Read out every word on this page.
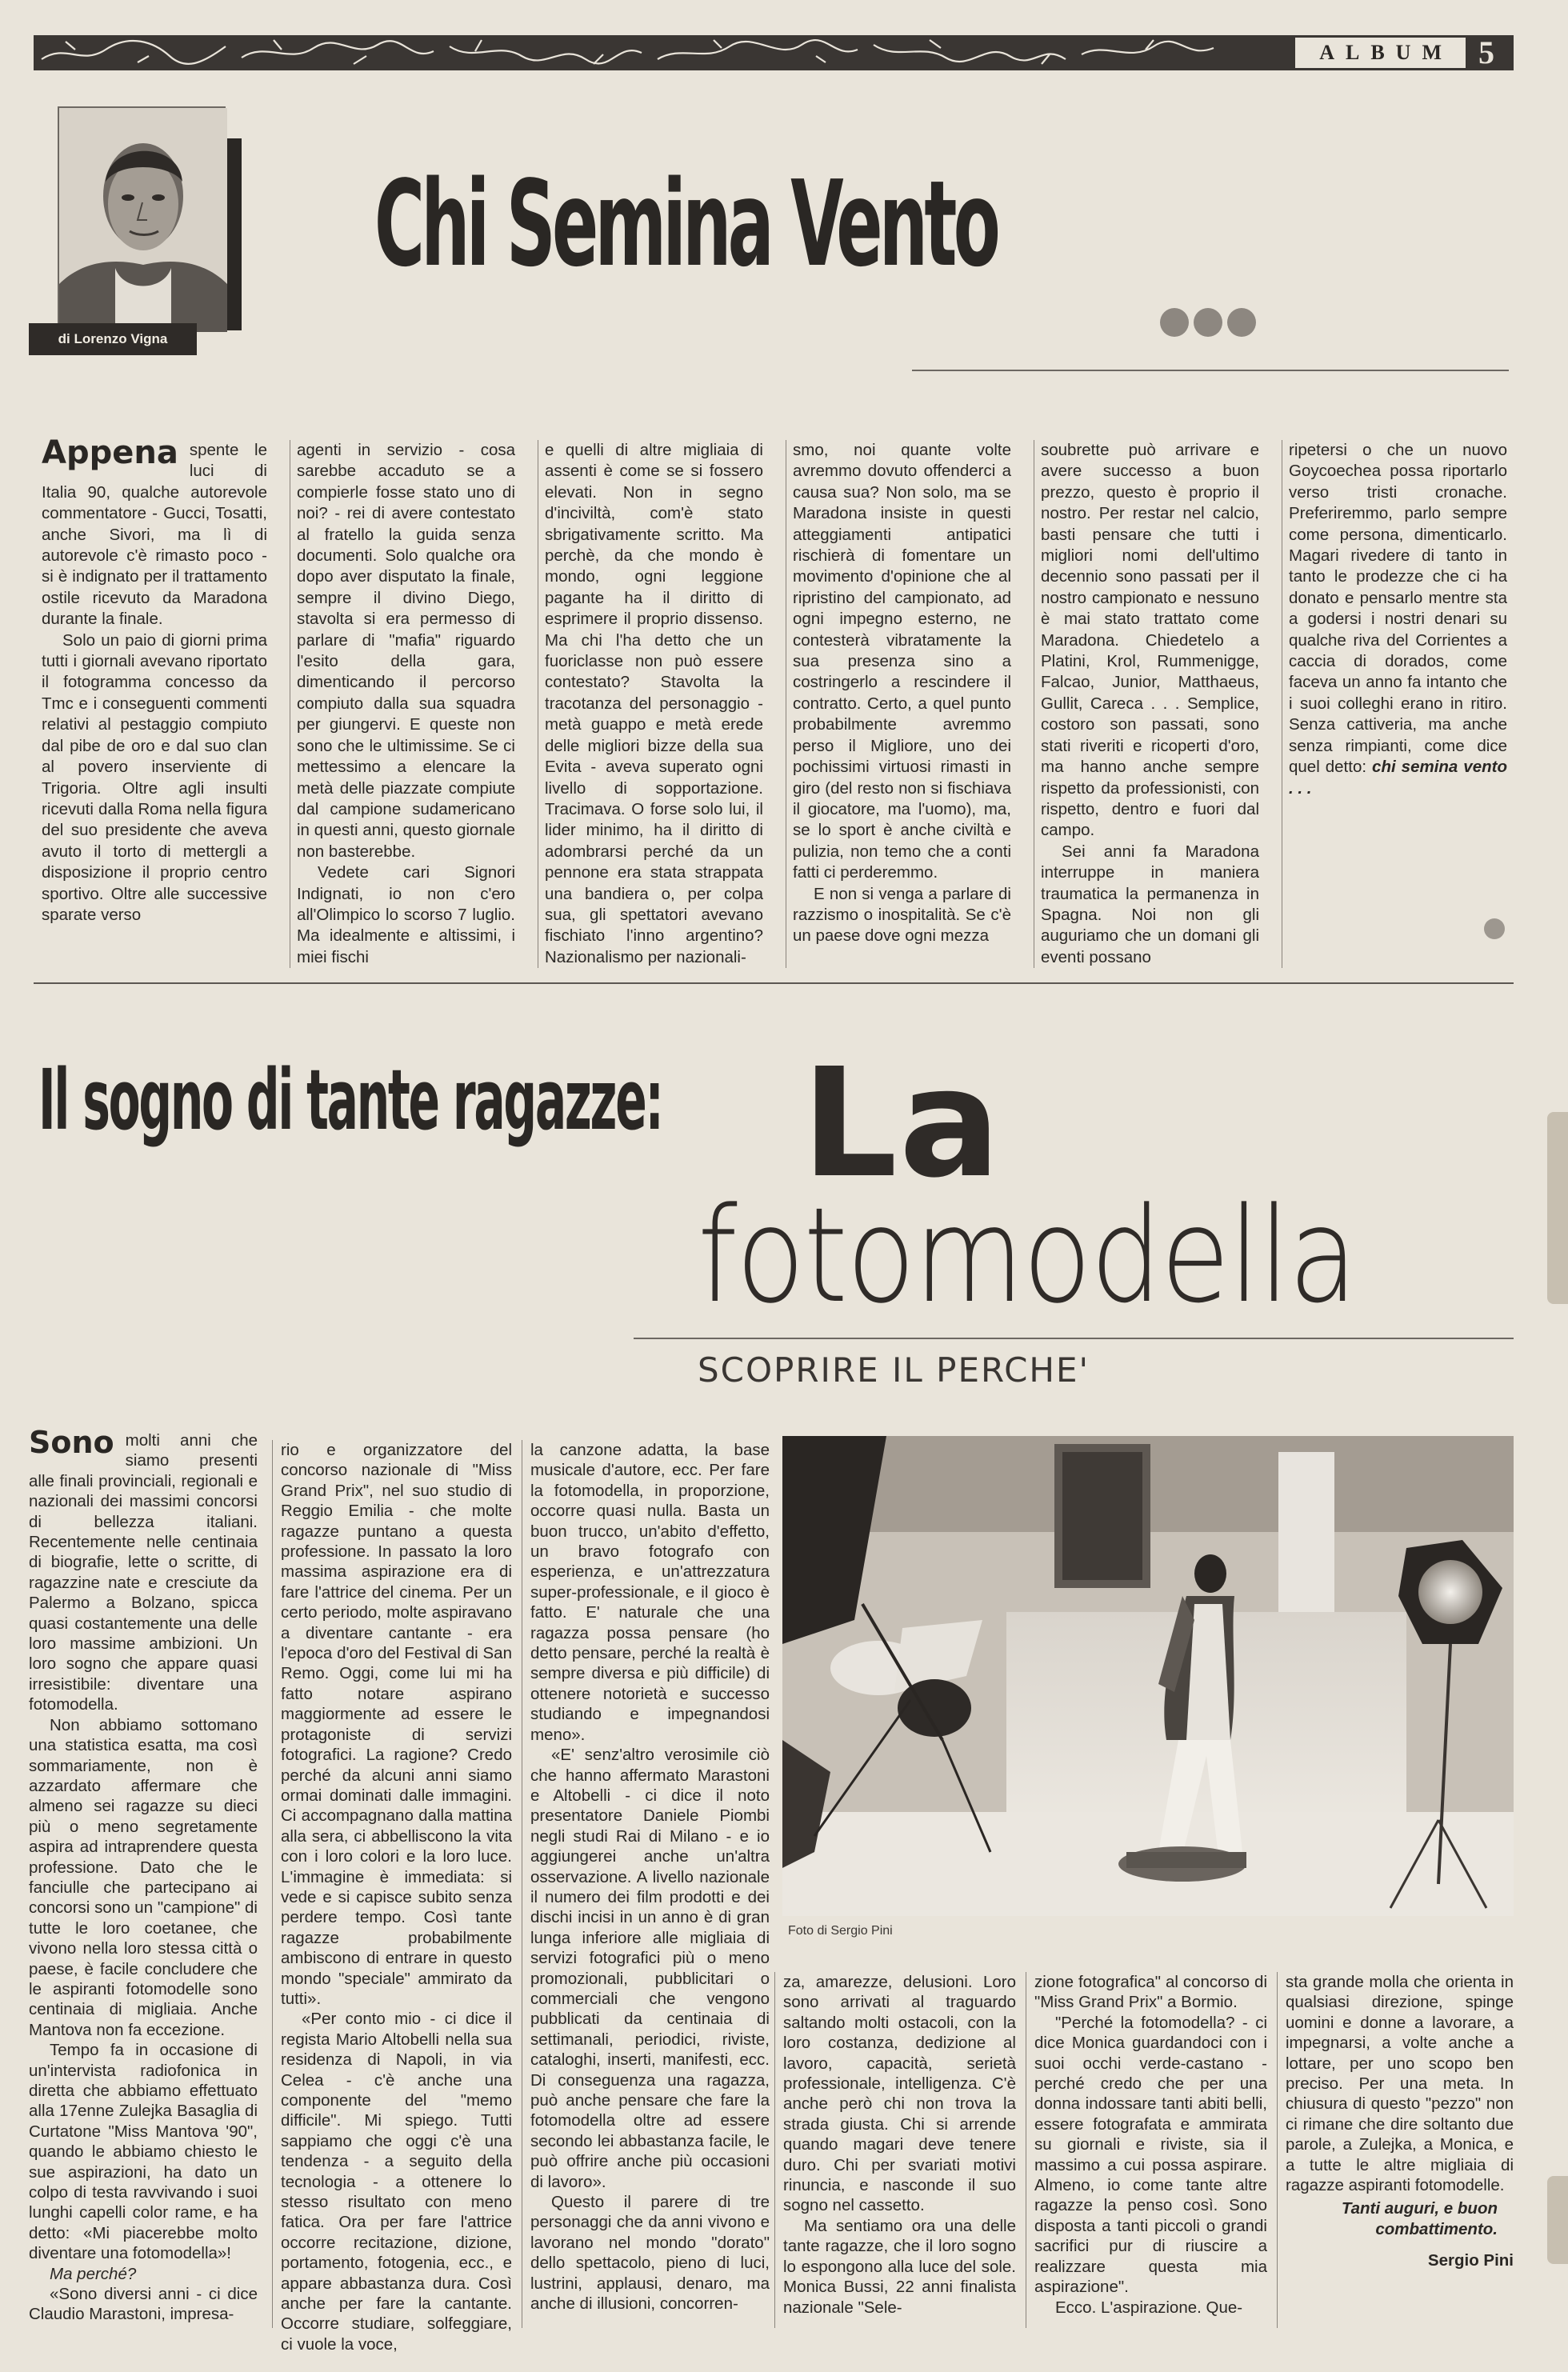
ALBUM 5
di Lorenzo Vigna
Chi Semina Vento
Appena spente le luci di Italia 90, qualche autorevole commentatore - Gucci, Tosatti, anche Sivori, ma lì di autorevole c'è rimasto poco - si è indignato per il trattamento ostile ricevuto da Maradona durante la finale.

Solo un paio di giorni prima tutti i giornali avevano riportato il fotogramma concesso da Tmc e i conseguenti commenti relativi al pestaggio compiuto dal pibe de oro e dal suo clan al povero inserviente di Trigoria. Oltre agli insulti ricevuti dalla Roma nella figura del suo presidente che aveva avuto il torto di mettergli a disposizione il proprio centro sportivo. Oltre alle successive sparate verso

agenti in servizio - cosa sarebbe accaduto se a compierle fosse stato uno di noi? - rei di avere contestato al fratello la guida senza documenti. Solo qualche ora dopo aver disputato la finale, sempre il divino Diego, stavolta si era permesso di parlare di "mafia" riguardo l'esito della gara, dimenticando il percorso compiuto dalla sua squadra per giungervi. E queste non sono che le ultimissime. Se ci mettessimo a elencare la metà delle piazzate compiute dal campione sudamericano in questi anni, questo giornale non basterebbe.

Vedete cari Signori Indignati, io non c'ero all'Olimpico lo scorso 7 luglio. Ma idealmente e altissimi, i miei fischi

e quelli di altre migliaia di assenti è come se si fossero elevati. Non in segno d'inciviltà, com'è stato sbrigativamente scritto. Ma perchè, da che mondo è mondo, ogni leggione pagante ha il diritto di esprimere il proprio dissenso. Ma chi l'ha detto che un fuoriclasse non può essere contestato? Stavolta la tracotanza del personaggio - metà guappo e metà erede delle migliori bizze della sua Evita - aveva superato ogni livello di sopportazione. Tracimava. O forse solo lui, il lider minimo, ha il diritto di adombrarsi perché da un pennone era stata strappata una bandiera o, per colpa sua, gli spettatori avevano fischiato l'inno argentino? Nazionalismo per nazionali-

smo, noi quante volte avremmo dovuto offenderci a causa sua? Non solo, ma se Maradona insiste in questi atteggiamenti antipatici rischierà di fomentare un movimento d'opinione che al ripristino del campionato, ad ogni impegno esterno, ne contesterà vibratamente la sua presenza sino a costringerlo a rescindere il contratto. Certo, a quel punto probabilmente avremmo perso il Migliore, uno dei pochissimi virtuosi rimasti in giro (del resto non si fischiava il giocatore, ma l'uomo), ma, se lo sport è anche civiltà e pulizia, non temo che a conti fatti ci perderemmo.

E non si venga a parlare di razzismo o inospitalità. Se c'è un paese dove ogni mezza

soubrette può arrivare e avere successo a buon prezzo, questo è proprio il nostro. Per restar nel calcio, basti pensare che tutti i migliori nomi dell'ultimo decennio sono passati per il nostro campionato e nessuno è mai stato trattato come Maradona. Chiedetelo a Platini, Krol, Rummenigge, Falcao, Junior, Matthaeus, Gullit, Careca . . . Semplice, costoro son passati, sono stati riveriti e ricoperti d'oro, ma hanno anche sempre rispetto da professionisti, con rispetto, dentro e fuori dal campo.

Sei anni fa Maradona interruppe in maniera traumatica la permanenza in Spagna. Noi non gli auguriamo che un domani gli eventi possano

ripetersi o che un nuovo Goycoechea possa riportarlo verso tristi cronache. Preferiremmo, parlo sempre come persona, dimenticarlo. Magari rivedere di tanto in tanto le prodezze che ci ha donato e pensarlo mentre sta a godersi i nostri denari su qualche riva del Corrientes a caccia di dorados, come faceva un anno fa intanto che i suoi colleghi erano in ritiro. Senza cattiveria, ma anche senza rimpianti, come dice quel detto: chi semina vento . . .

Il sogno di tante ragazze: La
fotomodella
SCOPRIRE IL PERCHE'
Foto di Sergio Pini
Sono molti anni che siamo presenti alle finali provinciali, regionali e nazionali dei massimi concorsi di bellezza italiani. Recentemente nelle centinaia di biografie, lette o scritte, di ragazzine nate e cresciute da Palermo a Bolzano, spicca quasi costantemente una delle loro massime ambizioni. Un loro sogno che appare quasi irresistibile: diventare una fotomodella.

Non abbiamo sottomano una statistica esatta, ma così sommariamente, non è azzardato affermare che almeno sei ragazze su dieci più o meno segretamente aspira ad intraprendere questa professione. Dato che le fanciulle che partecipano ai concorsi sono un "campione" di tutte le loro coetanee, che vivono nella loro stessa città o paese, è facile concludere che le aspiranti fotomodelle sono centinaia di migliaia. Anche Mantova non fa eccezione.

Tempo fa in occasione di un'intervista radiofonica in diretta che abbiamo effettuato alla 17enne Zulejka Basaglia di Curtatone "Miss Mantova '90", quando le abbiamo chiesto le sue aspirazioni, ha dato un colpo di testa ravvivando i suoi lunghi capelli color rame, e ha detto: «Mi piacerebbe molto diventare una fotomodella»!

Ma perché?

«Sono diversi anni - ci dice Claudio Marastoni, impresa-

rio e organizzatore del concorso nazionale di "Miss Grand Prix", nel suo studio di Reggio Emilia - che molte ragazze puntano a questa professione. In passato la loro massima aspirazione era di fare l'attrice del cinema. Per un certo periodo, molte aspiravano a diventare cantante - era l'epoca d'oro del Festival di San Remo. Oggi, come lui mi ha fatto notare aspirano maggiormente ad essere le protagoniste di servizi fotografici. La ragione? Credo perché da alcuni anni siamo ormai dominati dalle immagini. Ci accompagnano dalla mattina alla sera, ci abbelliscono la vita con i loro colori e la loro luce. L'immagine è immediata: si vede e si capisce subito senza perdere tempo. Così tante ragazze probabilmente ambiscono di entrare in questo mondo "speciale" ammirato da tutti».

«Per conto mio - ci dice il regista Mario Altobelli nella sua residenza di Napoli, in via Celea - c'è anche una componente del "memo difficile". Mi spiego. Tutti sappiamo che oggi c'è una tendenza - a seguito della tecnologia - a ottenere lo stesso risultato con meno fatica. Ora per fare l'attrice occorre recitazione, dizione, portamento, fotogenia, ecc., e appare abbastanza dura. Così anche per fare la cantante. Occorre studiare, solfeggiare, ci vuole la voce,

la canzone adatta, la base musicale d'autore, ecc. Per fare la fotomodella, in proporzione, occorre quasi nulla. Basta un buon trucco, un'abito d'effetto, un bravo fotografo con esperienza, e un'attrezzatura super-professionale, e il gioco è fatto. E' naturale che una ragazza possa pensare (ho detto pensare, perché la realtà è sempre diversa e più difficile) di ottenere notorietà e successo studiando e impegnandosi meno».

«E' senz'altro verosimile ciò che hanno affermato Marastoni e Altobelli - ci dice il noto presentatore Daniele Piombi negli studi Rai di Milano - e io aggiungerei anche un'altra osservazione. A livello nazionale il numero dei film prodotti e dei dischi incisi in un anno è di gran lunga inferiore alle migliaia di servizi fotografici più o meno promozionali, pubblicitari o commerciali che vengono pubblicati da centinaia di settimanali, periodici, riviste, cataloghi, inserti, manifesti, ecc. Di conseguenza una ragazza, può anche pensare che fare la fotomodella oltre ad essere secondo lei abbastanza facile, le può offrire anche più occasioni di lavoro».

Questo il parere di tre personaggi che da anni vivono e lavorano nel mondo "dorato" dello spettacolo, pieno di luci, lustrini, applausi, denaro, ma anche di illusioni, concorren-

za, amarezze, delusioni. Loro sono arrivati al traguardo saltando molti ostacoli, con la loro costanza, dedizione al lavoro, capacità, serietà professionale, intelligenza. C'è anche però chi non trova la strada giusta. Chi si arrende quando magari deve tenere duro. Chi per svariati motivi rinuncia, e nasconde il suo sogno nel cassetto.

Ma sentiamo ora una delle tante ragazze, che il loro sogno lo espongono alla luce del sole. Monica Bussi, 22 anni finalista nazionale "Sele-

zione fotografica" al concorso di "Miss Grand Prix" a Bormio.

"Perché la fotomodella? - ci dice Monica guardandoci con i suoi occhi verde-castano - perché credo che per una donna indossare tanti abiti belli, essere fotografata e ammirata su giornali e riviste, sia il massimo a cui possa aspirare. Almeno, io come tante altre ragazze la penso così. Sono disposta a tanti piccoli o grandi sacrifici pur di riuscire a realizzare questa mia aspirazione".

Ecco. L'aspirazione. Que-

sta grande molla che orienta in qualsiasi direzione, spinge uomini e donne a lavorare, a impegnarsi, a volte anche a lottare, per uno scopo ben preciso. Per una meta. In chiusura di questo "pezzo" non ci rimane che dire soltanto due parole, a Zulejka, a Monica, e a tutte le altre migliaia di ragazze aspiranti fotomodelle.

Tanti auguri, e buon combattimento.

Sergio Pini
